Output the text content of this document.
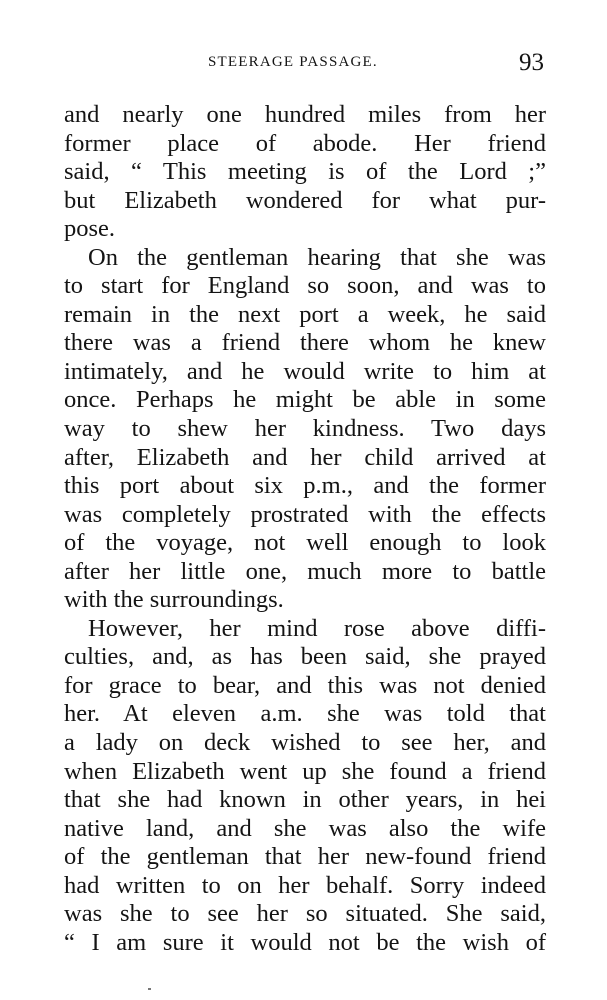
STEERAGE PASSAGE.	93
and nearly one hundred miles from her
former place of abode. Her friend
said, “ This meeting is of the Lord ;”
but Elizabeth wondered for what pur-
pose.
On the gentleman hearing that she was
to start for England so soon, and was to
remain in the next port a week, he said
there was a friend there whom he knew
intimately, and he would write to him at
once. Perhaps he might be able in some
way to shew her kindness. Two days
after, Elizabeth and her child arrived at
this port about six p.m., and the former
was completely prostrated with the effects
of the voyage, not well enough to look
after her little one, much more to battle
with the surroundings.
However, her mind rose above diffi-
culties, and, as has been said, she prayed
for grace to bear, and this was not denied
her. At eleven a.m. she was told that
a lady on deck wished to see her, and
when Elizabeth went up she found a friend
that she had known in other years, in hei
native land, and she was also the wife
of the gentleman that her new-found friend
had written to on her behalf. Sorry indeed
was she to see her so situated. She said,
“ I am sure it would not be the wish of
